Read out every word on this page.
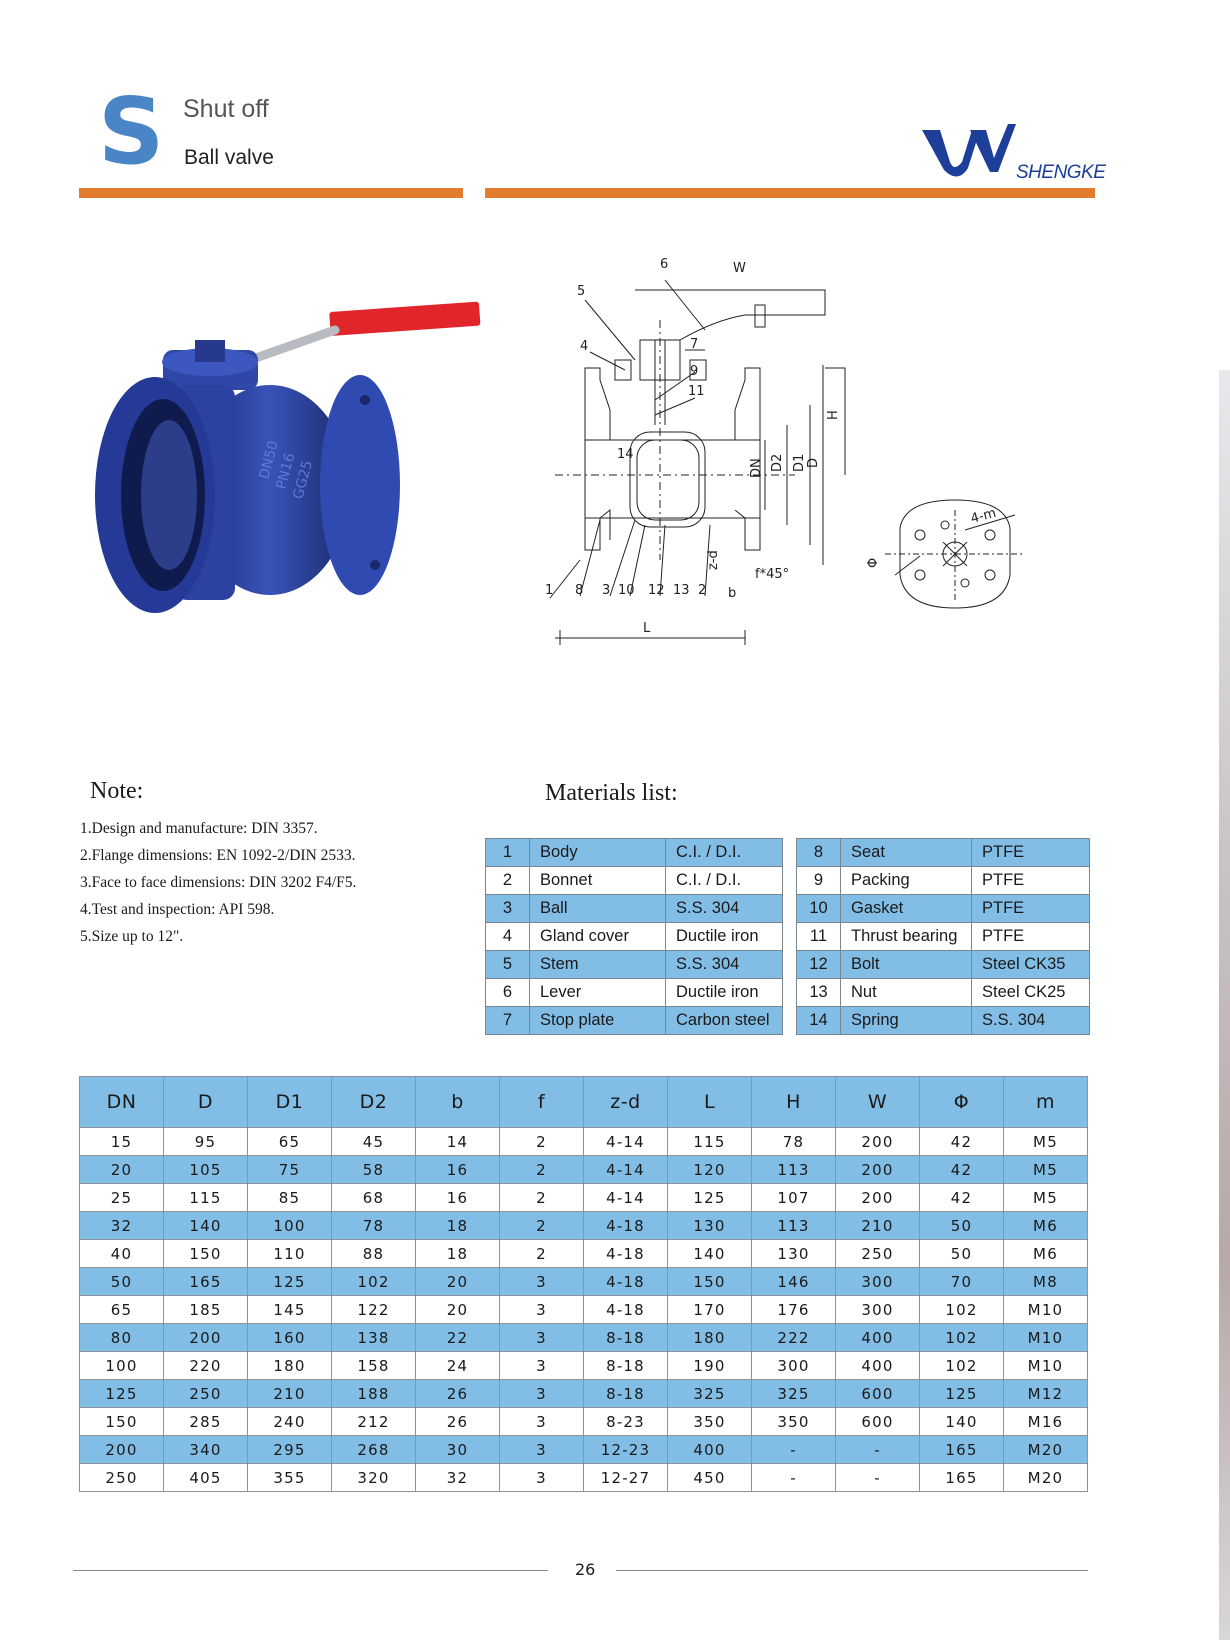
S Shut off
Ball valve
SHENGKE
DN50
PN16
GG25
6	W
5
7
4
9
11
14
H
DN D2 D1 D
1 8 3 10 12 13 2
z-d
f*45°
b
L
4-m
Φ
Note:
1.Design and manufacture: DIN 3357.
2.Flange dimensions: EN 1092-2/DIN 2533.
3.Face to face dimensions: DIN 3202 F4/F5.
4.Test and inspection: API 598.
5.Size up to 12".
Materials list:
1	Body	C.I. / D.I.
2	Bonnet	C.I. / D.I.
3	Ball	S.S. 304
4	Gland cover	Ductile iron
5	Stem	S.S. 304
6	Lever	Ductile iron
7	Stop plate	Carbon steel
8	Seat	PTFE
9	Packing	PTFE
10	Gasket	PTFE
11	Thrust bearing	PTFE
12	Bolt	Steel CK35
13	Nut	Steel CK25
14	Spring	S.S. 304
DN	D	D1	D2	b	f	z-d	L	H	W	Φ	m
15	95	65	45	14	2	4-14	115	78	200	42	M5
20	105	75	58	16	2	4-14	120	113	200	42	M5
25	115	85	68	16	2	4-14	125	107	200	42	M5
32	140	100	78	18	2	4-18	130	113	210	50	M6
40	150	110	88	18	2	4-18	140	130	250	50	M6
50	165	125	102	20	3	4-18	150	146	300	70	M8
65	185	145	122	20	3	4-18	170	176	300	102	M10
80	200	160	138	22	3	8-18	180	222	400	102	M10
100	220	180	158	24	3	8-18	190	300	400	102	M10
125	250	210	188	26	3	8-18	325	325	600	125	M12
150	285	240	212	26	3	8-23	350	350	600	140	M16
200	340	295	268	30	3	12-23	400	-	-	165	M20
250	405	355	320	32	3	12-27	450	-	-	165	M20
26
